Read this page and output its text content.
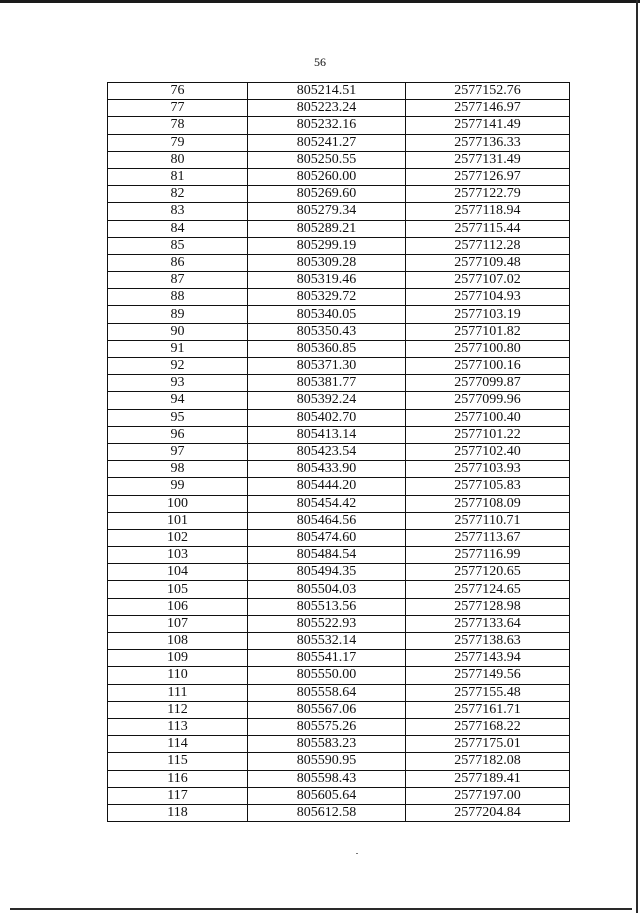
56
76	805214.51	2577152.76
77	805223.24	2577146.97
78	805232.16	2577141.49
79	805241.27	2577136.33
80	805250.55	2577131.49
81	805260.00	2577126.97
82	805269.60	2577122.79
83	805279.34	2577118.94
84	805289.21	2577115.44
85	805299.19	2577112.28
86	805309.28	2577109.48
87	805319.46	2577107.02
88	805329.72	2577104.93
89	805340.05	2577103.19
90	805350.43	2577101.82
91	805360.85	2577100.80
92	805371.30	2577100.16
93	805381.77	2577099.87
94	805392.24	2577099.96
95	805402.70	2577100.40
96	805413.14	2577101.22
97	805423.54	2577102.40
98	805433.90	2577103.93
99	805444.20	2577105.83
100	805454.42	2577108.09
101	805464.56	2577110.71
102	805474.60	2577113.67
103	805484.54	2577116.99
104	805494.35	2577120.65
105	805504.03	2577124.65
106	805513.56	2577128.98
107	805522.93	2577133.64
108	805532.14	2577138.63
109	805541.17	2577143.94
110	805550.00	2577149.56
111	805558.64	2577155.48
112	805567.06	2577161.71
113	805575.26	2577168.22
114	805583.23	2577175.01
115	805590.95	2577182.08
116	805598.43	2577189.41
117	805605.64	2577197.00
118	805612.58	2577204.84
